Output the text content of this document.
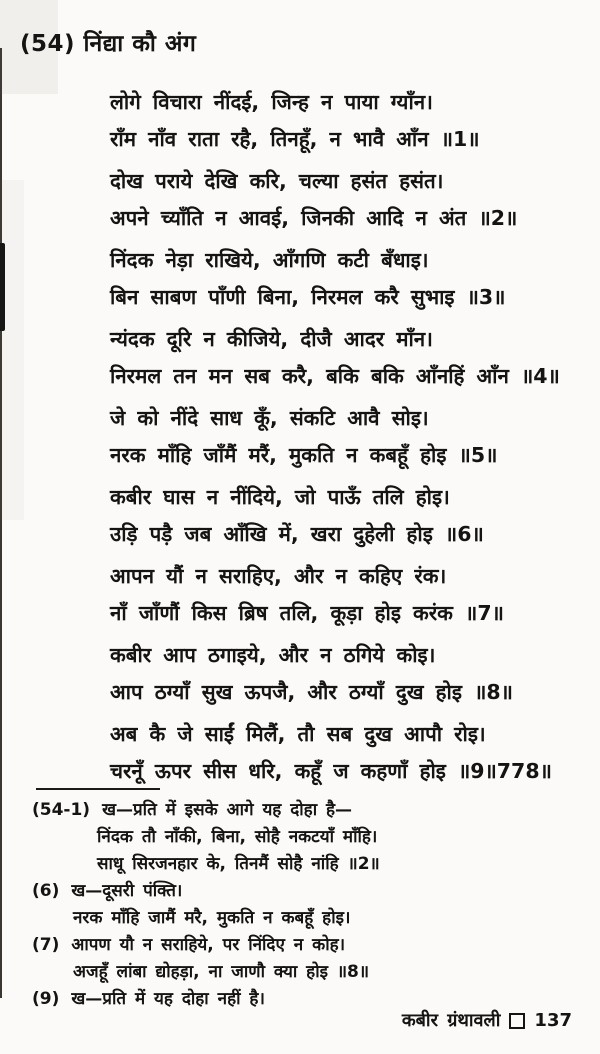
(54) निंद्या कौ अंग

लोगे विचारा नींदई, जिन्ह न पाया ग्याँन।

राँम नाँव राता रहै, तिनहूँ, न भावै आँन ॥1॥

दोख पराये देखि करि, चल्या हसंत हसंत।

अपने च्याँति न आवई, जिनकी आदि न अंत ॥2॥

निंदक नेड़ा राखिये, आँगणि कटी बँधाइ।

बिन साबण पाँणी बिना, निरमल करै सुभाइ ॥3॥

न्यंदक दूरि न कीजिये, दीजै आदर माँन।

निरमल तन मन सब करै, बकि बकि आँनहिं आँन ॥4॥

जे को नींदे साध कूँ, संकटि आवै सोइ।

नरक माँहि जाँमैं मरैं, मुकति न कबहूँ होइ ॥5॥

कबीर घास न नींदिये, जो पाऊँ तलि होइ।

उड़ि पड़ै जब आँखि में, खरा दुहेली होइ ॥6॥

आपन यौं न सराहिए, और न कहिए रंक।

नाँ जाँणौं किस ब्रिष तलि, कूड़ा होइ करंक ॥7॥

कबीर आप ठगाइये, और न ठगिये कोइ।

आप ठग्याँ सुख ऊपजै, और ठग्याँ दुख होइ ॥8॥

अब कै जे साईं मिलैं, तौ सब दुख आपौ रोइ।

चरनूँ ऊपर सीस धरि, कहूँ ज कहणाँ होइ ॥9॥778॥

(54-1) ख—प्रति में इसके आगे यह दोहा है—

निंदक तौ नाँकी, बिना, सोहै नकटयाँ माँहि।

साधू सिरजनहार के, तिनमैं सोहै नांहि ॥2॥

(6) ख—दूसरी पंक्ति।

नरक माँहि जामैं मरै, मुकति न कबहूँ होइ।

(7) आपण यौ न सराहिये, पर निंदिए न कोह।

अजहूँ लांबा द्योहड़ा, ना जाणौ क्या होइ ॥8॥

(9) ख—प्रति में यह दोहा नहीं है।

कबीर ग्रंथावली 137
